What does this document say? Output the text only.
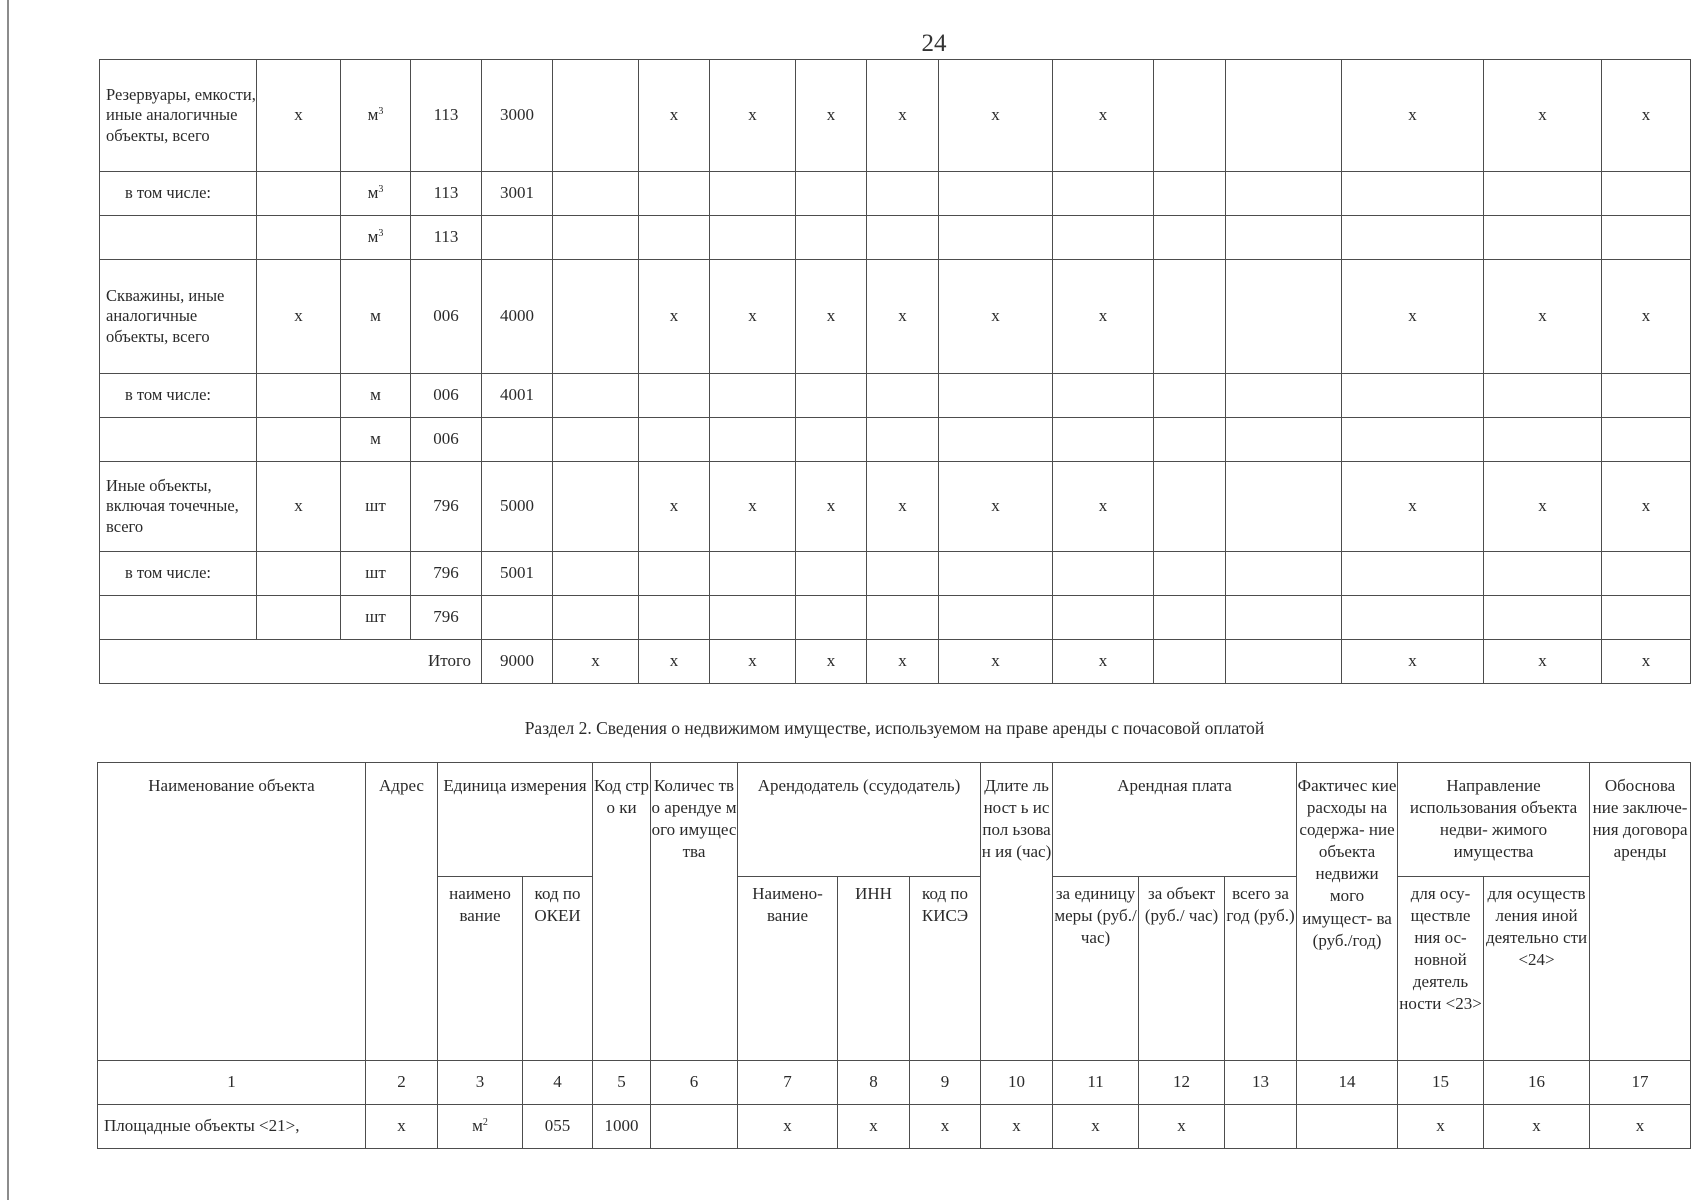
24
Резервуары, емкости, иные аналогичные объекты, всего	х	$м^3$	113	3000		х	х	х	х	х	х			х	х	х
в том числе:		$м^3$	113	3001												
		$м^3$	113													
Скважины, иные аналогичные объекты, всего	х	м	006	4000		х	х	х	х	х	х			х	х	х
в том числе:		м	006	4001												
		м	006													
Иные объекты, включая точечные, всего	х	шт	796	5000		х	х	х	х	х	х			х	х	х
в том числе:		шт	796	5001												
		шт	796													
Итого				9000	х	х	х	х	х	х	х			х	х	х
Раздел 2. Сведения о недвижимом имуществе, используемом на праве аренды с почасовой оплатой
Наименование объекта	Адрес	Единица измерения		Код стро ки	Количес тво арендуе мого имущес тва	Арендодатель (ссудодатель)			Длите льност ь испол ьзован ия (час)	Арендная плата			Фактичес кие расходы на содержа- ние объекта недвижи мого имущест- ва (руб./год)	Направление использования объекта недви- жимого имущества		Обоснова ние заключе- ния договора аренды
		наимено вание	код по ОКЕИ			Наимено- вание	ИНН	код по КИСЭ		за единицу меры (руб./ час)	за объект (руб./ час)	всего за год (руб.)		для осу- ществле ния ос- новной деятель ности <23>	для осуществ ления иной деятельно сти <24>	
1	2	3	4	5	6	7	8	9	10	11	12	13	14	15	16	17
Площадные объекты <21>,	х	$м^2$	055	1000		х	х	х	х	х	х			х	х	х
